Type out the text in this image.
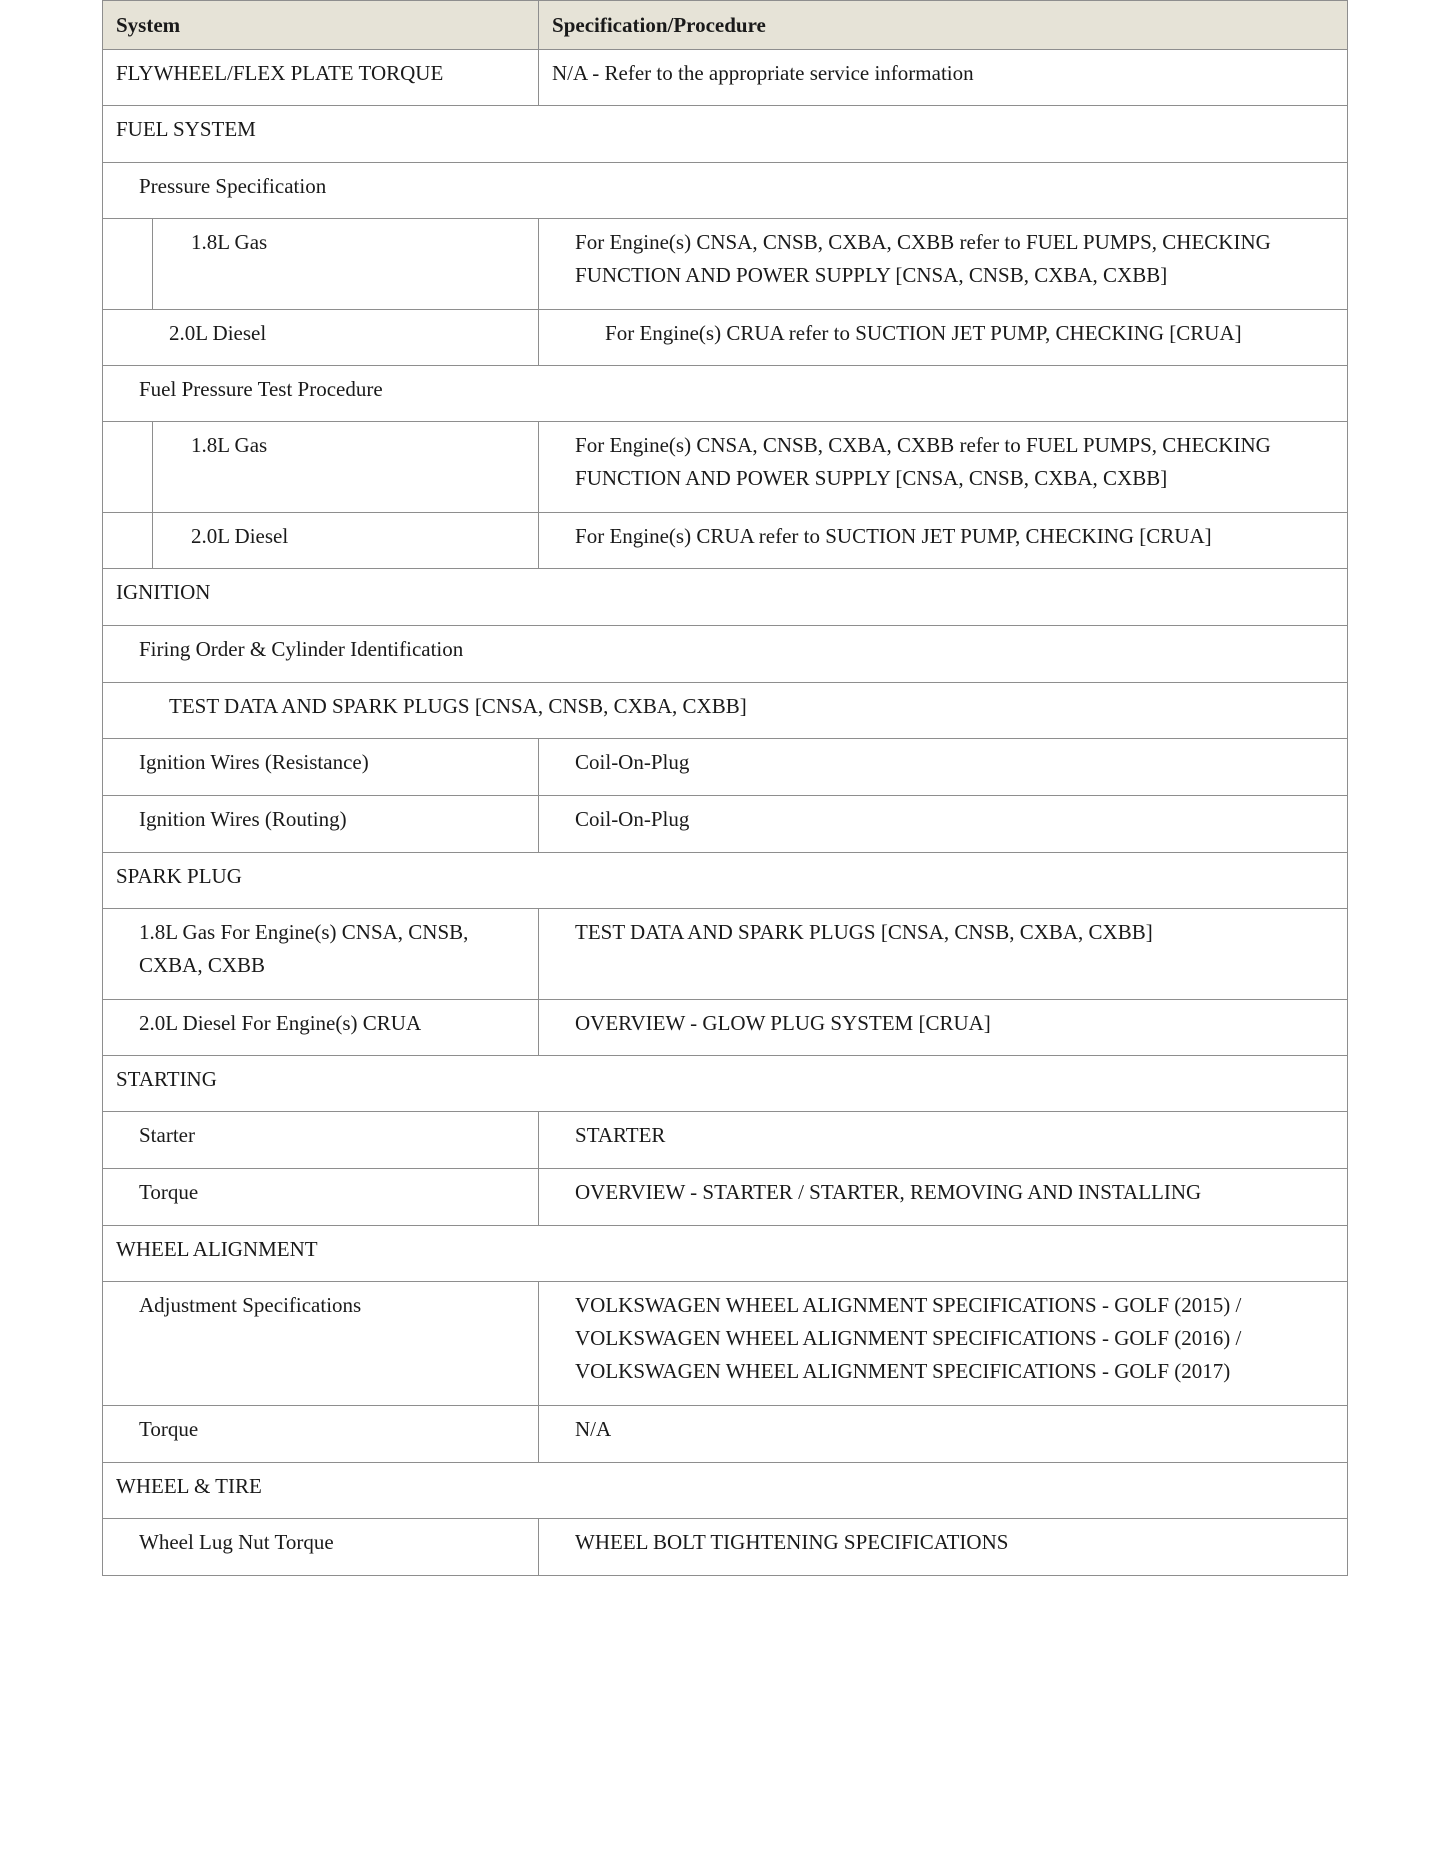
System		Specification/Procedure
FLYWHEEL/FLEX PLATE TORQUE		N/A - Refer to the appropriate service information
FUEL SYSTEM		
Pressure Specification		
	1.8L Gas	For Engine(s) CNSA, CNSB, CXBA, CXBB refer to FUEL PUMPS, CHECKING FUNCTION AND POWER SUPPLY [CNSA, CNSB, CXBA, CXBB]
2.0L Diesel		For Engine(s) CRUA refer to SUCTION JET PUMP, CHECKING [CRUA]
Fuel Pressure Test Procedure		
	1.8L Gas	For Engine(s) CNSA, CNSB, CXBA, CXBB refer to FUEL PUMPS, CHECKING FUNCTION AND POWER SUPPLY [CNSA, CNSB, CXBA, CXBB]
	2.0L Diesel	For Engine(s) CRUA refer to SUCTION JET PUMP, CHECKING [CRUA]
IGNITION		
Firing Order & Cylinder Identification		
TEST DATA AND SPARK PLUGS [CNSA, CNSB, CXBA, CXBB]		
Ignition Wires (Resistance)		Coil-On-Plug
Ignition Wires (Routing)		Coil-On-Plug
SPARK PLUG		
1.8L Gas For Engine(s) CNSA, CNSB, CXBA, CXBB		TEST DATA AND SPARK PLUGS [CNSA, CNSB, CXBA, CXBB]
2.0L Diesel For Engine(s) CRUA		OVERVIEW - GLOW PLUG SYSTEM [CRUA]
STARTING		
Starter		STARTER
Torque		OVERVIEW - STARTER / STARTER, REMOVING AND INSTALLING
WHEEL ALIGNMENT		
Adjustment Specifications		VOLKSWAGEN WHEEL ALIGNMENT SPECIFICATIONS - GOLF (2015) / VOLKSWAGEN WHEEL ALIGNMENT SPECIFICATIONS - GOLF (2016) / VOLKSWAGEN WHEEL ALIGNMENT SPECIFICATIONS - GOLF (2017)
Torque		N/A
WHEEL & TIRE		
Wheel Lug Nut Torque		WHEEL BOLT TIGHTENING SPECIFICATIONS
